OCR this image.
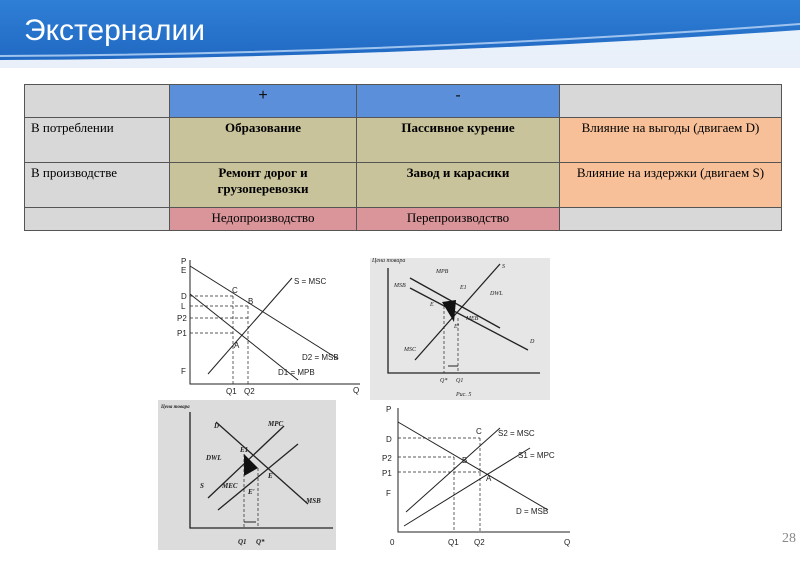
Экстерналии
	+	-	
В потреблении	Образование	Пассивное курение	Влияние на выгоды (двигаем D)
В производстве	Ремонт дорог и грузоперевозки	Завод и карасики	Влияние на издержки (двигаем S)
	Недопроизводство	Перепроизводство	
P
E
D
L
P2
P1
F
C
B
A
S = MSC
D2 = MSB
D1 = MPB
Q1 Q2	Q
Цена товара
MPB
S
MSB	E1
E
DWL
MEB
E'
MSC
D
Q* Q1
Рис. 5
Цена товара
D	MPC
E1
DWL
S	MEC
E
E'
MSB
Q1 Q*
P
D
P2
P1
F
C
B
A
S2 = MSC
S1 = MPC
D = MSB
0	Q1 Q2	Q	28
